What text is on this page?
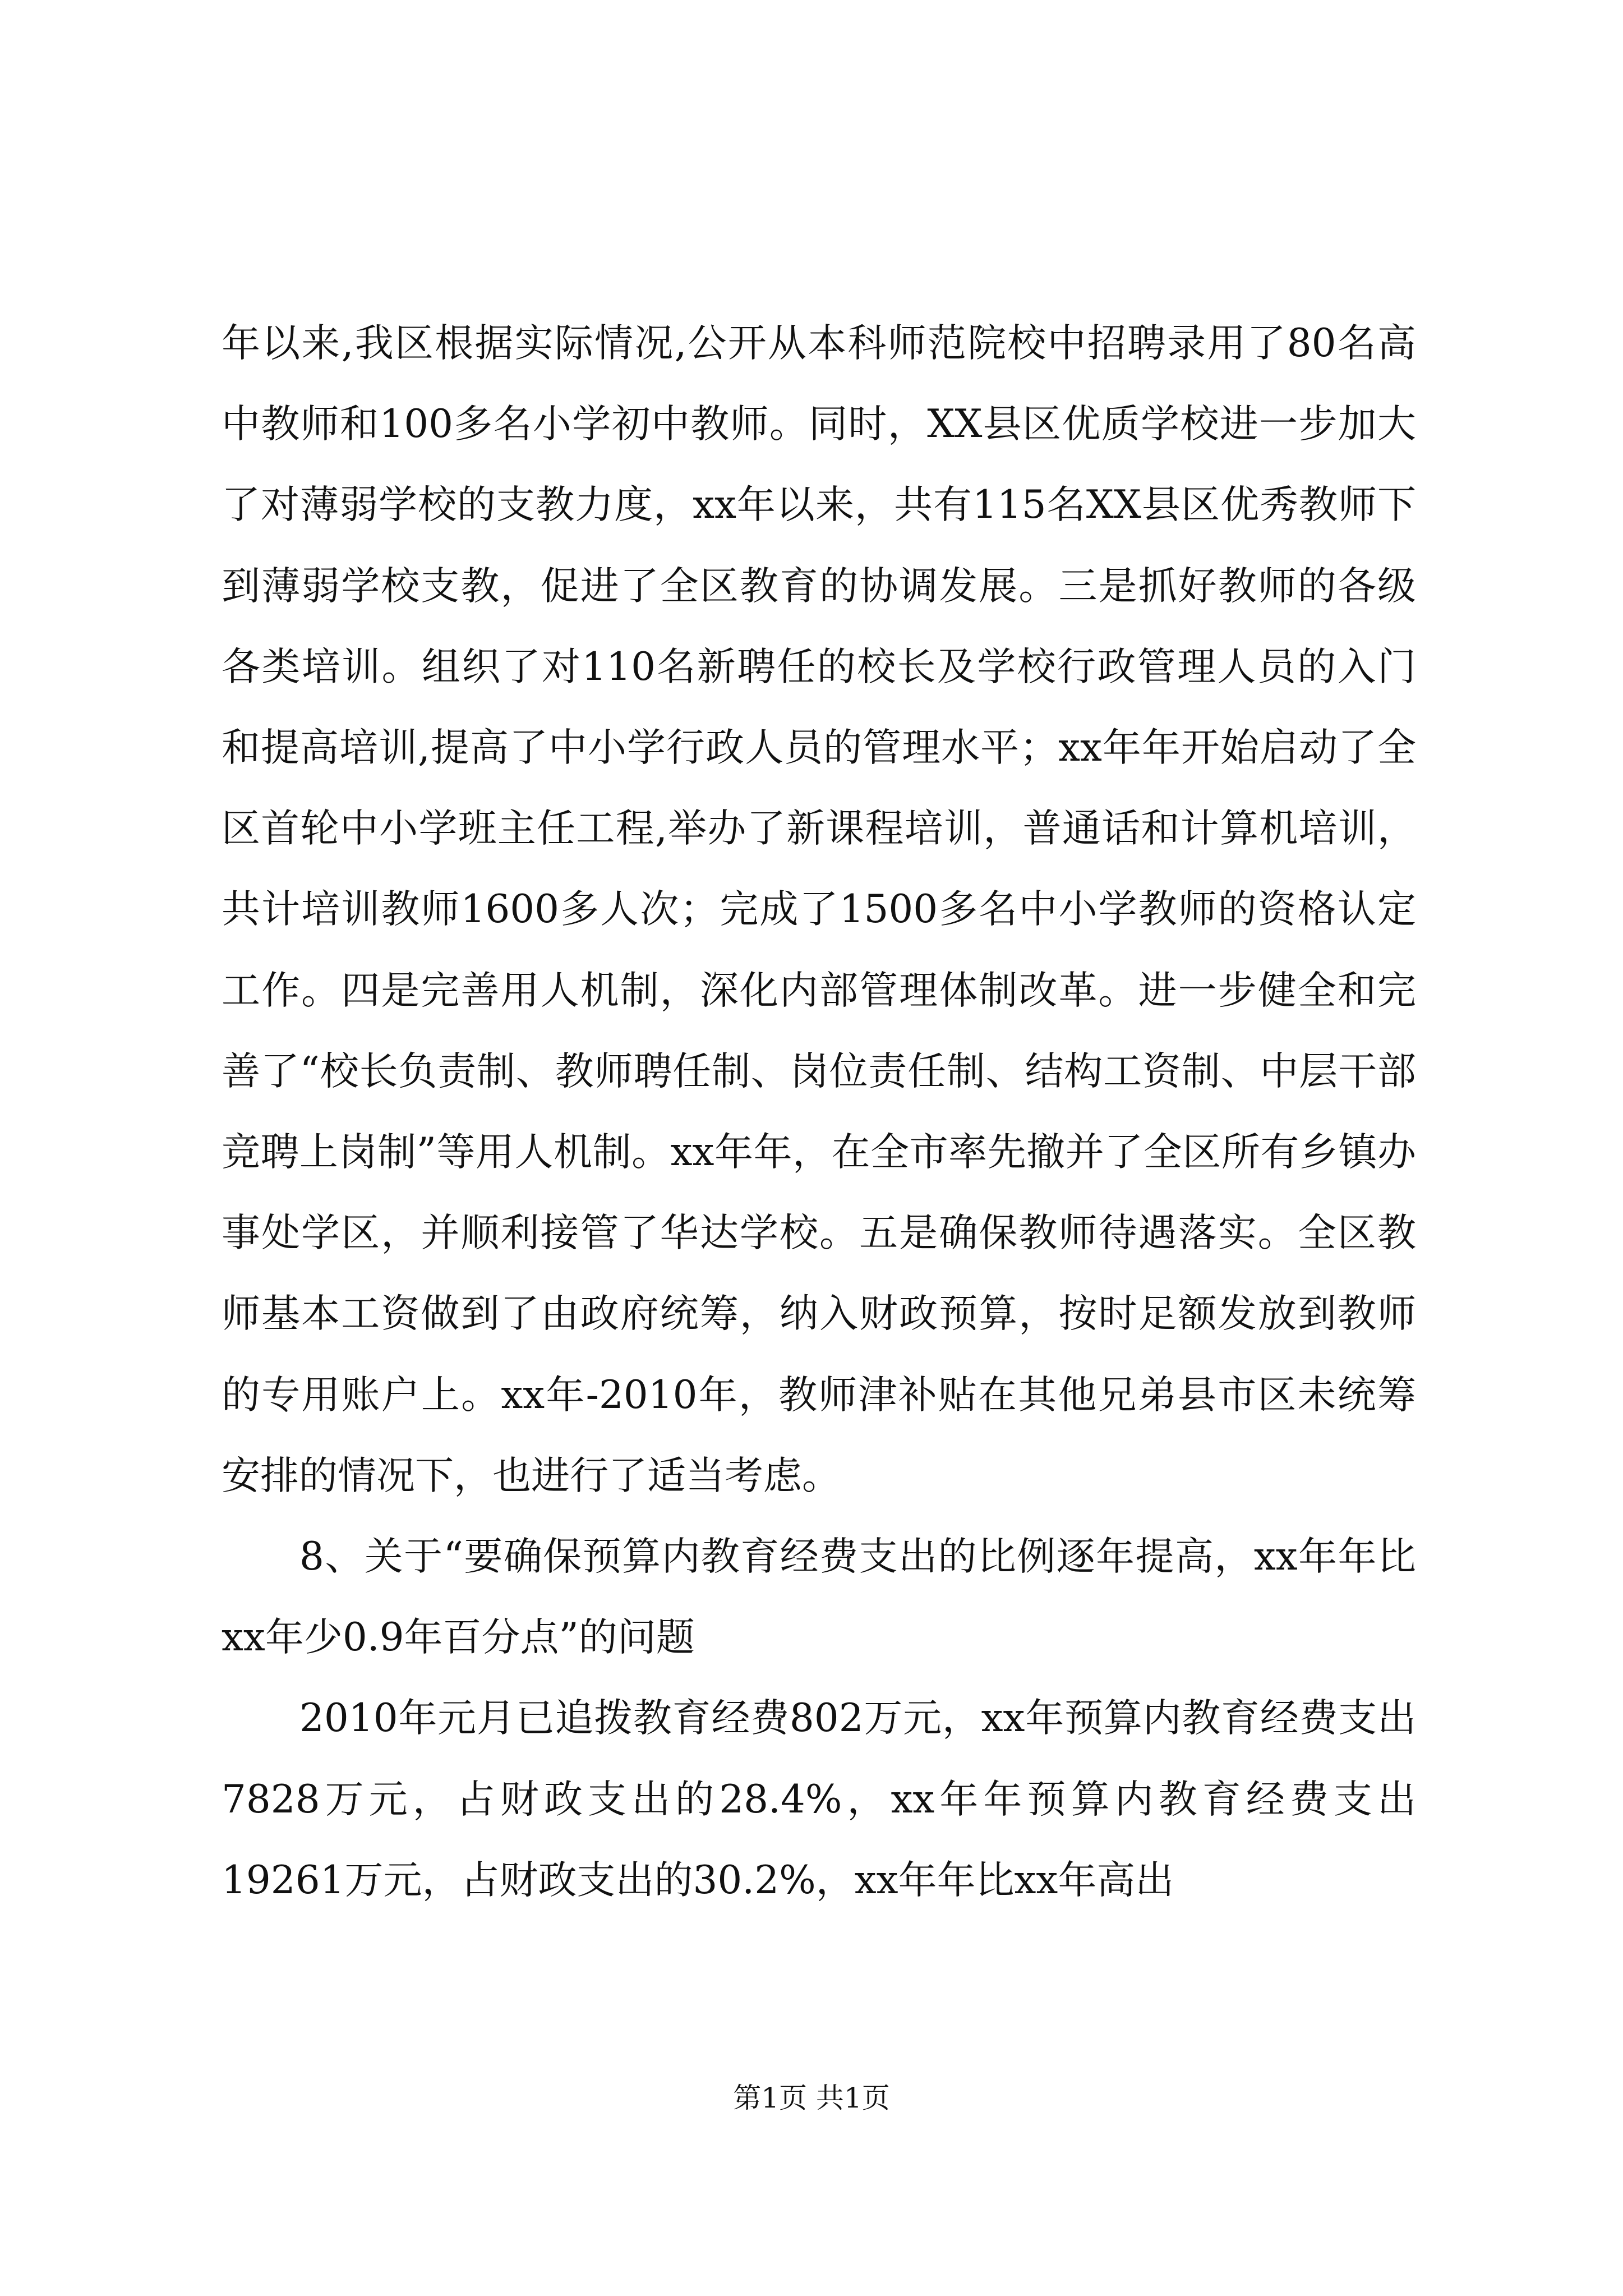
年以来,我区根据实际情况,公开从本科师范院校中招聘录用了80名高中教师和100多名小学初中教师。同时，XX县区优质学校进一步加大了对薄弱学校的支教力度，xx年以来，共有115名XX县区优秀教师下到薄弱学校支教，促进了全区教育的协调发展。三是抓好教师的各级各类培训。组织了对110名新聘任的校长及学校行政管理人员的入门和提高培训,提高了中小学行政人员的管理水平；xx年年开始启动了全区首轮中小学班主任工程,举办了新课程培训，普通话和计算机培训，共计培训教师1600多人次；完成了1500多名中小学教师的资格认定工作。四是完善用人机制，深化内部管理体制改革。进一步健全和完善了“校长负责制、教师聘任制、岗位责任制、结构工资制、中层干部竞聘上岗制”等用人机制。xx年年，在全市率先撤并了全区所有乡镇办事处学区，并顺利接管了华达学校。五是确保教师待遇落实。全区教师基本工资做到了由政府统筹，纳入财政预算，按时足额发放到教师的专用账户上。xx年-2010年，教师津补贴在其他兄弟县市区未统筹安排的情况下，也进行了适当考虑。

8、关于“要确保预算内教育经费支出的比例逐年提高，xx年年比xx年少0.9年百分点”的问题

2010年元月已追拨教育经费802万元，xx年预算内教育经费支出7828万元，占财政支出的28.4%，xx年年预算内教育经费支出19261万元，占财政支出的30.2%，xx年年比xx年高出

第1页 共1页
